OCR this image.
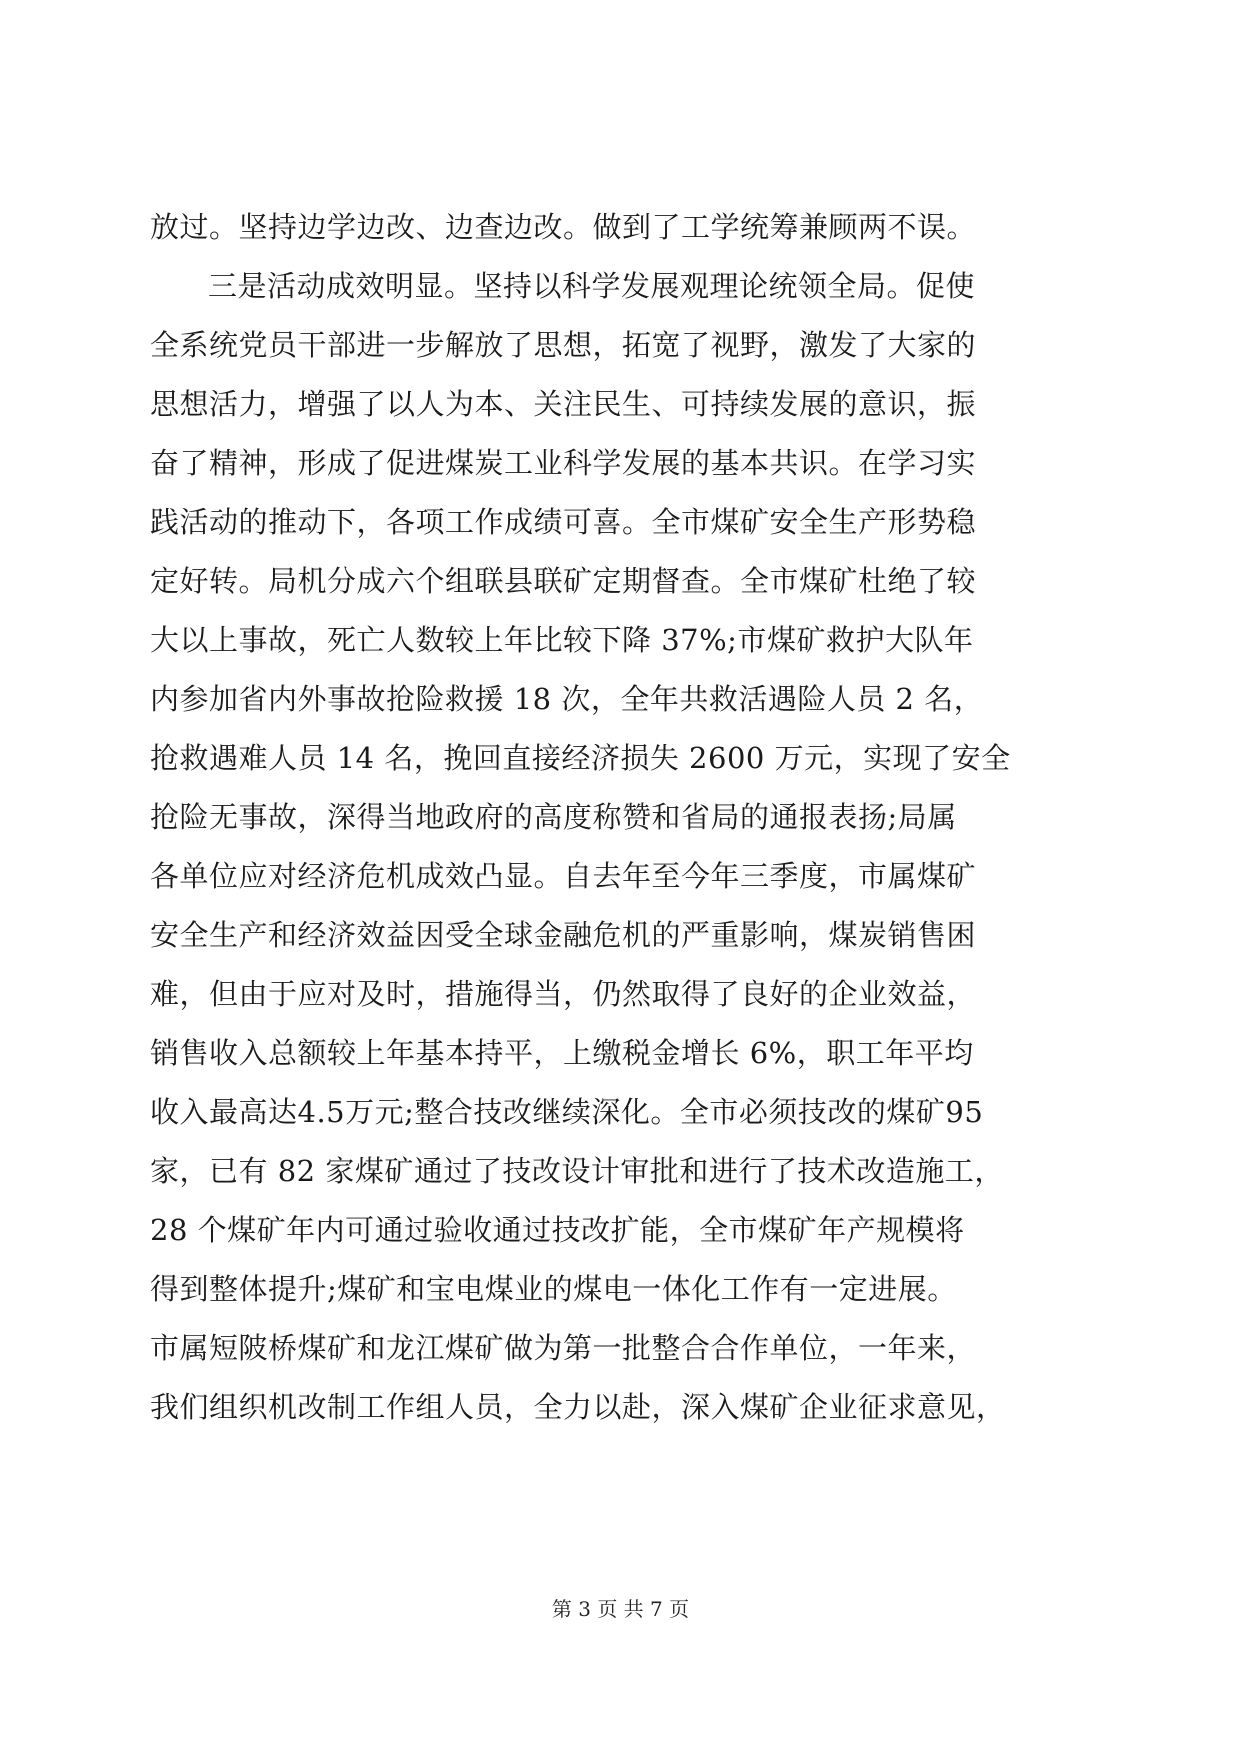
放过。坚持边学边改、边查边改。做到了工学统筹兼顾两不误。
三是活动成效明显。坚持以科学发展观理论统领全局。促使
全系统党员干部进一步解放了思想，拓宽了视野，激发了大家的
思想活力，增强了以人为本、关注民生、可持续发展的意识，振
奋了精神，形成了促进煤炭工业科学发展的基本共识。在学习实
践活动的推动下，各项工作成绩可喜。全市煤矿安全生产形势稳
定好转。局机分成六个组联县联矿定期督查。全市煤矿杜绝了较
大以上事故，死亡人数较上年比较下降 37%;市煤矿救护大队年
内参加省内外事故抢险救援 18 次，全年共救活遇险人员 2 名，
抢救遇难人员 14 名，挽回直接经济损失 2600 万元，实现了安全
抢险无事故，深得当地政府的高度称赞和省局的通报表扬;局属
各单位应对经济危机成效凸显。自去年至今年三季度，市属煤矿
安全生产和经济效益因受全球金融危机的严重影响，煤炭销售困
难，但由于应对及时，措施得当，仍然取得了良好的企业效益，
销售收入总额较上年基本持平，上缴税金增长 6%，职工年平均
收入最高达4.5万元;整合技改继续深化。全市必须技改的煤矿95
家，已有 82 家煤矿通过了技改设计审批和进行了技术改造施工，
28 个煤矿年内可通过验收通过技改扩能，全市煤矿年产规模将
得到整体提升;煤矿和宝电煤业的煤电一体化工作有一定进展。
市属短陂桥煤矿和龙江煤矿做为第一批整合合作单位，一年来，
我们组织机改制工作组人员，全力以赴，深入煤矿企业征求意见，
第 3 页 共 7 页
